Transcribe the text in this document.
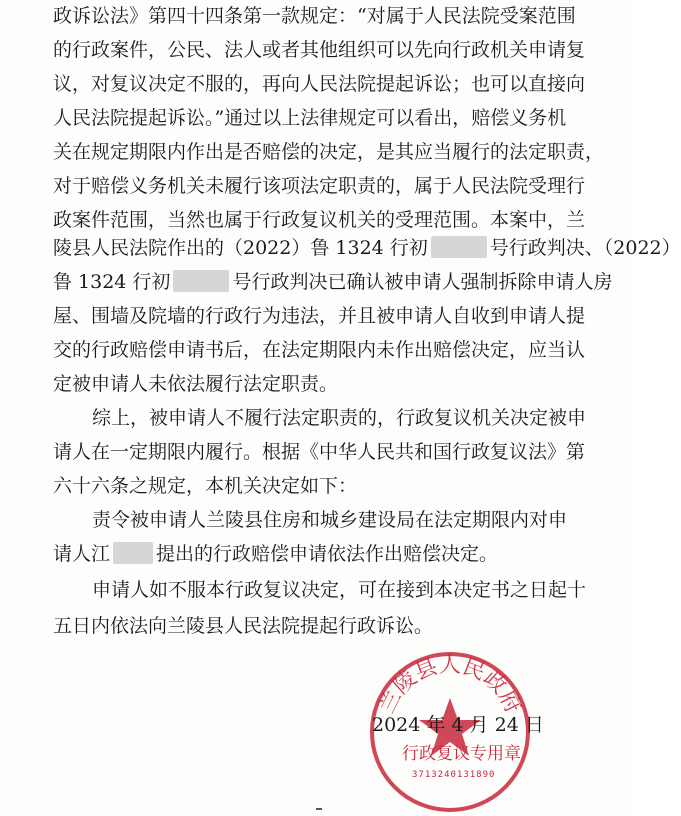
政诉讼法》第四十四条第一款规定：“对属于人民法院受案范围
的行政案件，公民、法人或者其他组织可以先向行政机关申请复
议，对复议决定不服的，再向人民法院提起诉讼；也可以直接向
人民法院提起诉讼。”通过以上法律规定可以看出，赔偿义务机
关在规定期限内作出是否赔偿的决定，是其应当履行的法定职责，
对于赔偿义务机关未履行该项法定职责的，属于人民法院受理行
政案件范围，当然也属于行政复议机关的受理范围。本案中，兰
陵县人民法院作出的（2022）鲁 1324 行初	号行政判决、（2022）
鲁 1324 行初	号行政判决已确认被申请人强制拆除申请人房
屋、围墙及院墙的行政行为违法，并且被申请人自收到申请人提
交的行政赔偿申请书后，在法定期限内未作出赔偿决定，应当认
定被申请人未依法履行法定职责。
综上，被申请人不履行法定职责的，行政复议机关决定被申
请人在一定期限内履行。根据《中华人民共和国行政复议法》第
六十六条之规定，本机关决定如下：
责令被申请人兰陵县住房和城乡建设局在法定期限内对申
请人江 提出的行政赔偿申请依法作出赔偿决定。
申请人如不服本行政复议决定，可在接到本决定书之日起十
五日内依法向兰陵县人民法院提起行政诉讼。
兰陵县人民政府
2024 年 4 月 24 日
行政复议专用章
3713240131890
